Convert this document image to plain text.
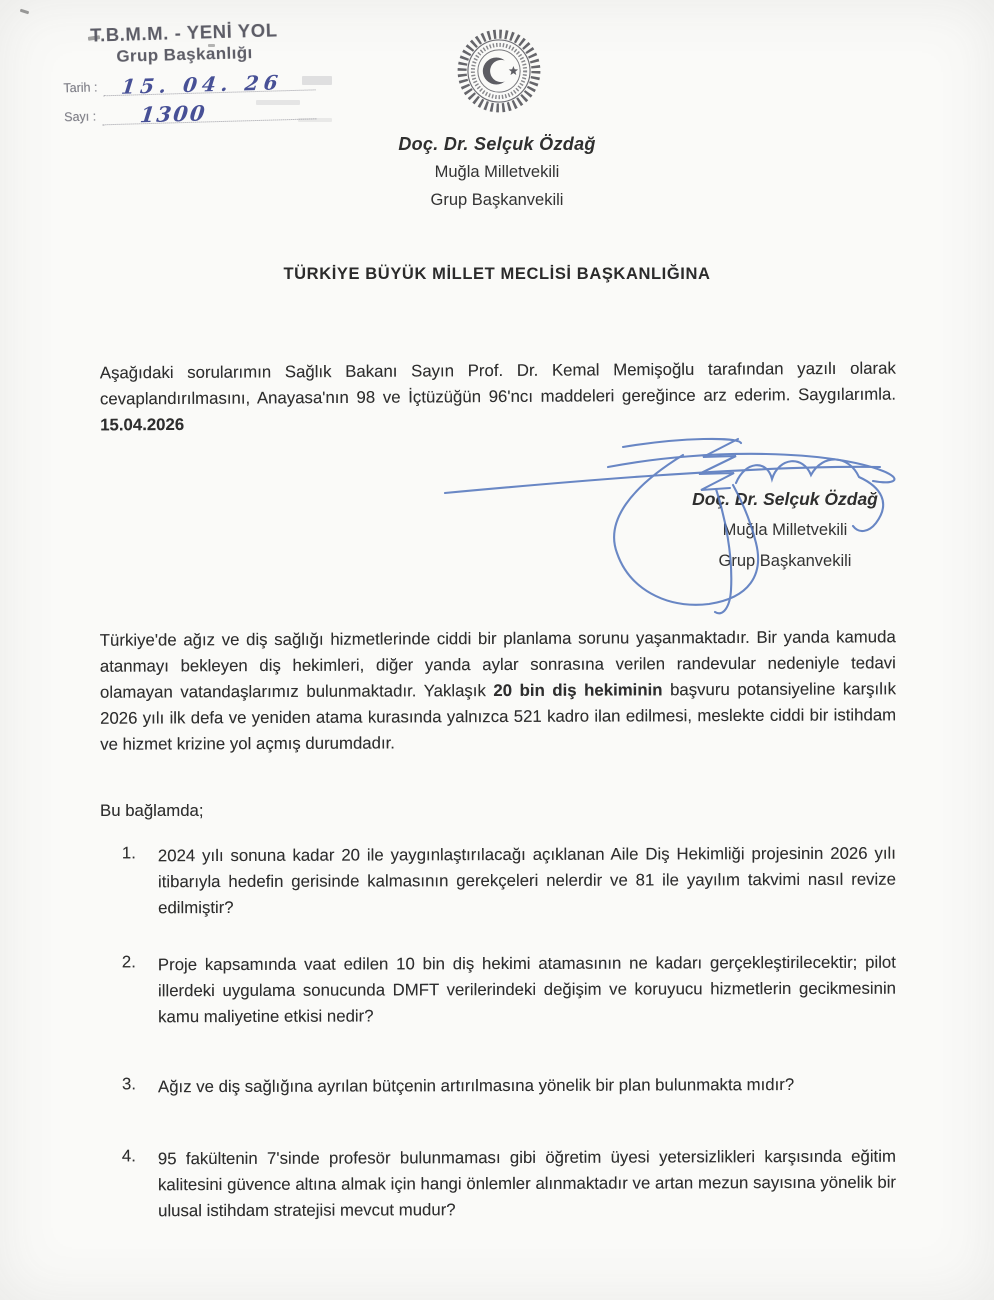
T.B.M.M. - YENİ YOL
Grup Başkanlığı
Tarih : 15. 04. 26
Sayı : 1300
Doç. Dr. Selçuk Özdağ
Muğla Milletvekili
Grup Başkanvekili
TÜRKİYE BÜYÜK MİLLET MECLİSİ BAŞKANLIĞINA

Aşağıdaki sorularımın Sağlık Bakanı Sayın Prof. Dr. Kemal Memişoğlu tarafından yazılı olarak cevaplandırılmasını, Anayasa'nın 98 ve İçtüzüğün 96'ncı maddeleri gereğince arz ederim. Saygılarımla. 15.04.2026

Doç. Dr. Selçuk Özdağ
Muğla Milletvekili
Grup Başkanvekili

Türkiye'de ağız ve diş sağlığı hizmetlerinde ciddi bir planlama sorunu yaşanmaktadır. Bir yanda kamuda atanmayı bekleyen diş hekimleri, diğer yanda aylar sonrasına verilen randevular nedeniyle tedavi olamayan vatandaşlarımız bulunmaktadır. Yaklaşık 20 bin diş hekiminin başvuru potansiyeline karşılık 2026 yılı ilk defa ve yeniden atama kurasında yalnızca 521 kadro ilan edilmesi, meslekte ciddi bir istihdam ve hizmet krizine yol açmış durumdadır.

Bu bağlamda;
1.	2024 yılı sonuna kadar 20 ile yaygınlaştırılacağı açıklanan Aile Diş Hekimliği projesinin 2026 yılı itibarıyla hedefin gerisinde kalmasının gerekçeleri nelerdir ve 81 ile yayılım takvimi nasıl revize edilmiştir?
2.	Proje kapsamında vaat edilen 10 bin diş hekimi atamasının ne kadarı gerçekleştirilecektir; pilot illerdeki uygulama sonucunda DMFT verilerindeki değişim ve koruyucu hizmetlerin gecikmesinin kamu maliyetine etkisi nedir?
3.	Ağız ve diş sağlığına ayrılan bütçenin artırılmasına yönelik bir plan bulunmakta mıdır?
4.	95 fakültenin 7'sinde profesör bulunmaması gibi öğretim üyesi yetersizlikleri karşısında eğitim kalitesini güvence altına almak için hangi önlemler alınmaktadır ve artan mezun sayısına yönelik bir ulusal istihdam stratejisi mevcut mudur?
